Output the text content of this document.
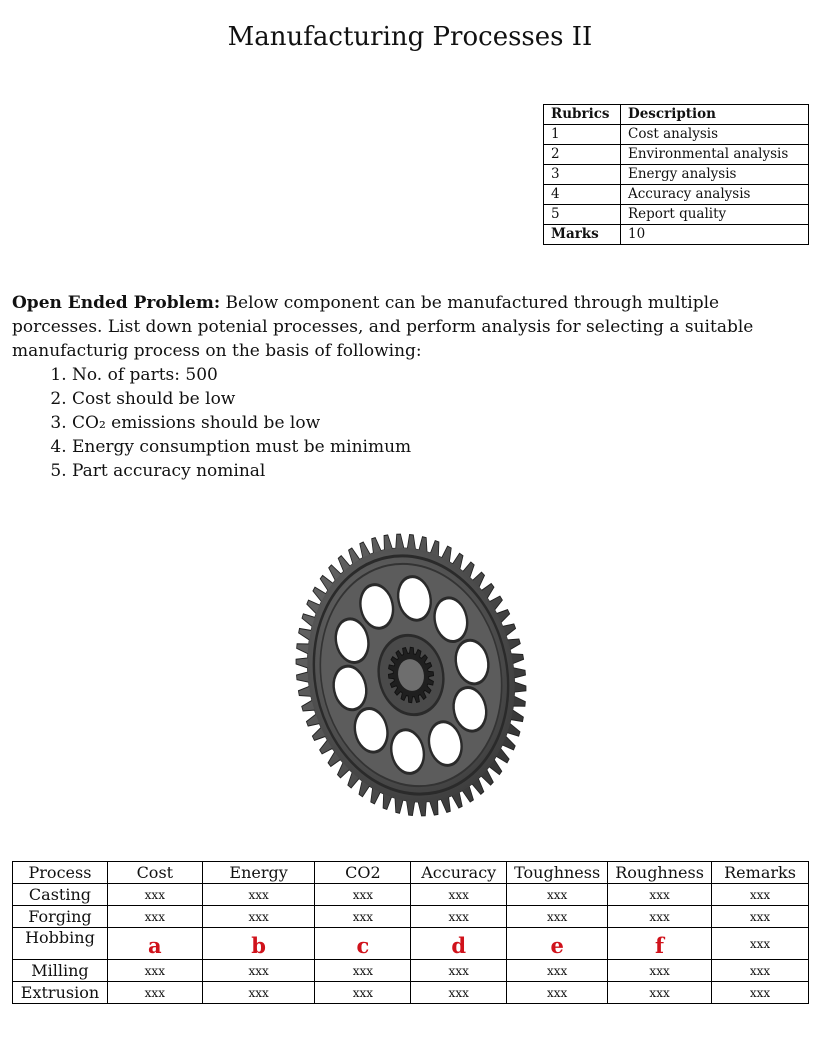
Manufacturing Processes II
Rubrics	Description
1	Cost analysis
2	Environmental analysis
3	Energy analysis
4	Accuracy analysis
5	Report quality
Marks	10

Open Ended Problem: Below component can be manufactured through multiple porcesses. List down potenial processes, and perform analysis for selecting a suitable manufacturig process on the basis of following:

1. No. of parts: 500
2. Cost should be low
3. CO₂ emissions should be low
4. Energy consumption must be minimum
5. Part accuracy nominal
Process	Cost	Energy	CO2	Accuracy	Toughness	Roughness	Remarks
Casting	xxx	xxx	xxx	xxx	xxx	xxx	xxx
Forging	xxx	xxx	xxx	xxx	xxx	xxx	xxx
Hobbing	a	b	c	d	e	f	xxx
Milling	xxx	xxx	xxx	xxx	xxx	xxx	xxx
Extrusion	xxx	xxx	xxx	xxx	xxx	xxx	xxx
